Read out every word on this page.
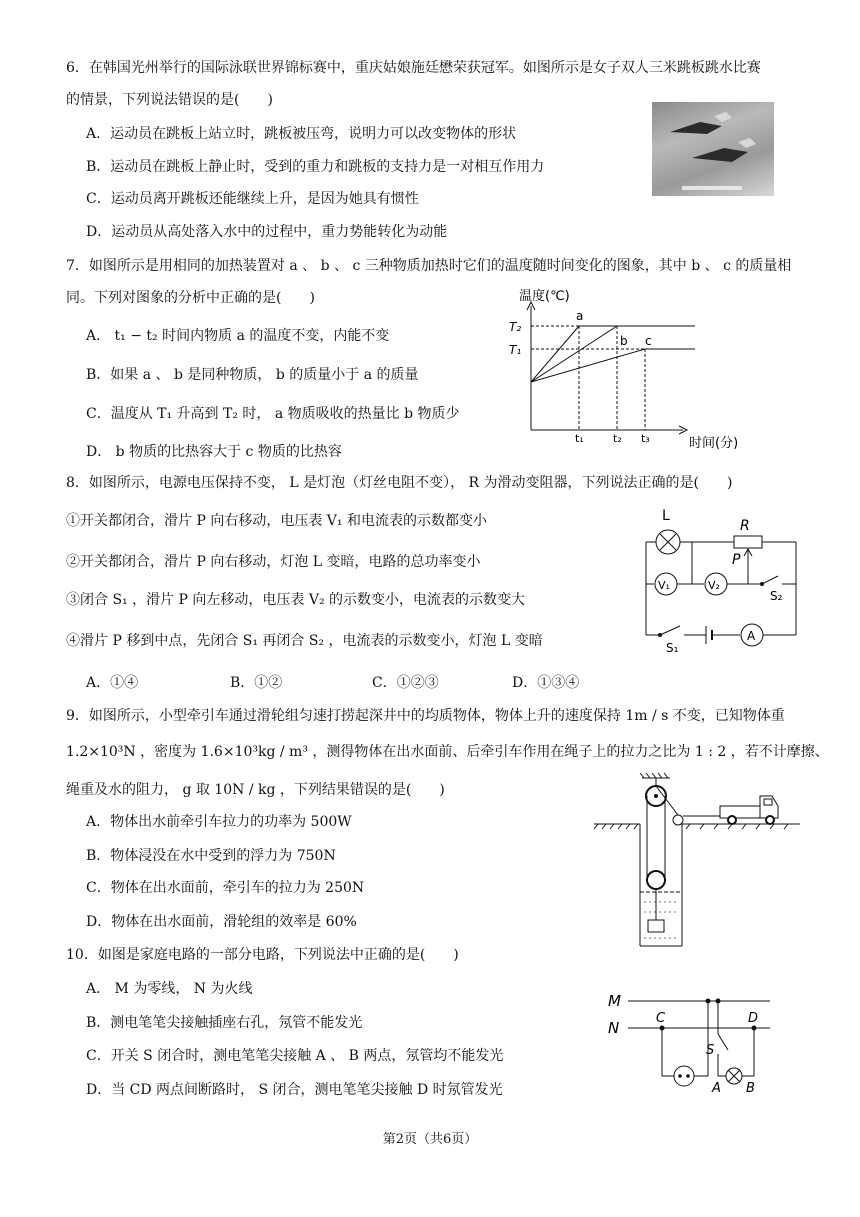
6．在韩国光州举行的国际泳联世界锦标赛中，重庆姑娘施廷懋荣获冠军。如图所示是女子双人三米跳板跳水比赛
的情景，下列说法错误的是(　　)
A．运动员在跳板上站立时，跳板被压弯，说明力可以改变物体的形状
B．运动员在跳板上静止时，受到的重力和跳板的支持力是一对相互作用力
C．运动员离开跳板还能继续上升，是因为她具有惯性
D．运动员从高处落入水中的过程中，重力势能转化为动能
7．如图所示是用相同的加热装置对 a 、 b 、 c 三种物质加热时它们的温度随时间变化的图象，其中 b 、 c 的质量相
同。下列对图象的分析中正确的是(　　)
A． t₁ − t₂ 时间内物质 a 的温度不变，内能不变
B．如果 a 、 b 是同种物质， b 的质量小于 a 的质量
C．温度从 T₁ 升高到 T₂ 时， a 物质吸收的热量比 b 物质少
D． b 物质的比热容大于 c 物质的比热容
温度(℃)
T₂
T₁
a
b c
t₁	t₂ t₃	时间(分)
8．如图所示，电源电压保持不变， L 是灯泡（灯丝电阻不变）， R 为滑动变阻器，下列说法正确的是(　　)
①开关都闭合，滑片 P 向右移动，电压表 V₁ 和电流表的示数都变小
②开关都闭合，滑片 P 向右移动，灯泡 L 变暗，电路的总功率变小
③闭合 S₁ ，滑片 P 向左移动，电压表 V₂ 的示数变小，电流表的示数变大
④滑片 P 移到中点，先闭合 S₁ 再闭合 S₂ ，电流表的示数变小，灯泡 L 变暗
A．①④	B．①②	C．①②③	D．①③④
L
R
P
V₁	V₂
S₂
S₁
A
9．如图所示，小型牵引车通过滑轮组匀速打捞起深井中的均质物体，物体上升的速度保持 1m / s 不变，已知物体重
1.2×10³N ，密度为 1.6×10³kg / m³ ，测得物体在出水面前、后牵引车作用在绳子上的拉力之比为 1 : 2 ，若不计摩擦、
绳重及水的阻力， g 取 10N / kg ，下列结果错误的是(　　)
A．物体出水前牵引车拉力的功率为 500W
B．物体浸没在水中受到的浮力为 750N
C．物体在出水面前，牵引车的拉力为 250N
D．物体在出水面前，滑轮组的效率是 60%
10．如图是家庭电路的一部分电路，下列说法中正确的是(　　)
A． M 为零线， N 为火线
B．测电笔笔尖接触插座右孔，氖管不能发光
C．开关 S 闭合时，测电笔笔尖接触 A 、 B 两点，氖管均不能发光
D．当 CD 两点间断路时， S 闭合，测电笔笔尖接触 D 时氖管发光
M
N
C	D
S
A B
第2页（共6页）
